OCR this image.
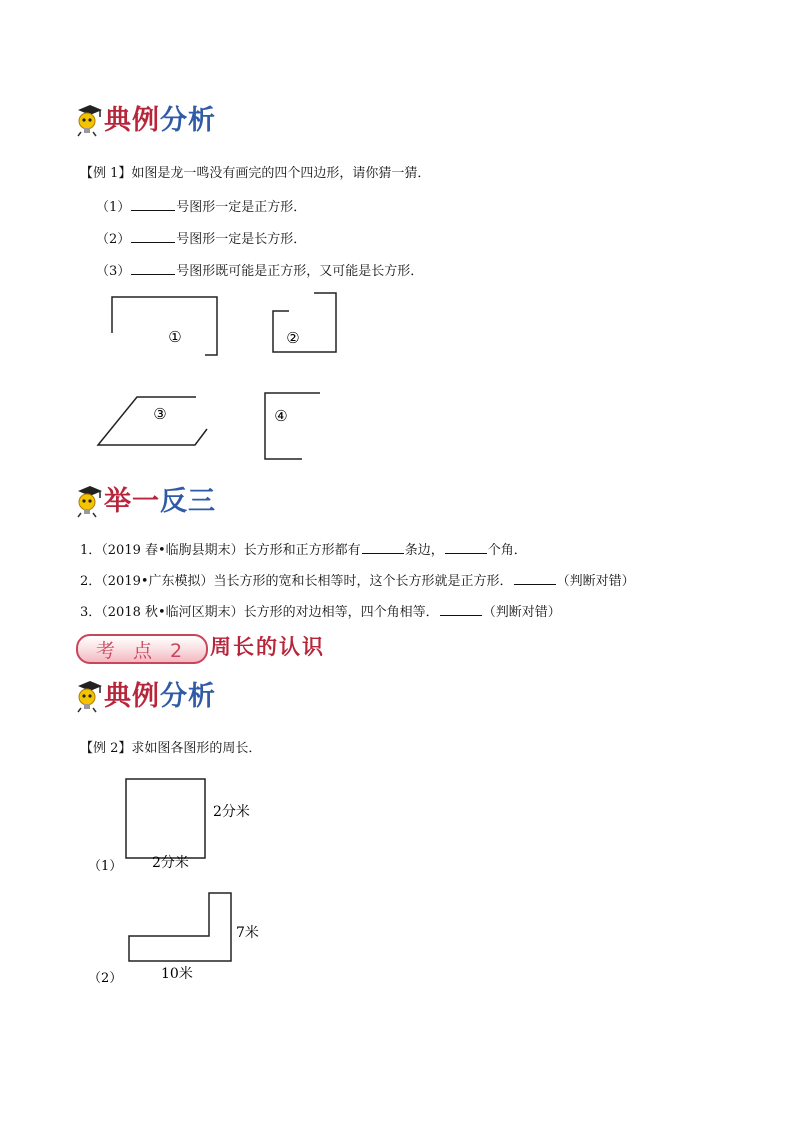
典例 分析
【例 1】如图是龙一鸣没有画完的四个四边形，请你猜一猜．
（1）	号图形一定是正方形．
（2）	号图形一定是长方形．
（3）	号图形既可能是正方形，又可能是长方形．
①	②
③	④
举一 反三
1．（2019 春•临朐县期末）长方形和正方形都有	条边，	个角．
2．（2019•广东模拟）当长方形的宽和长相等时，这个长方形就是正方形．	（判断对错）
3．（2018 秋•临河区期末）长方形的对边相等，四个角相等．	（判断对错）
考 点 2 周长的认识
典例 分析
【例 2】求如图各图形的周长．
2分米
2分米
（1）
7米
10米
（2）
